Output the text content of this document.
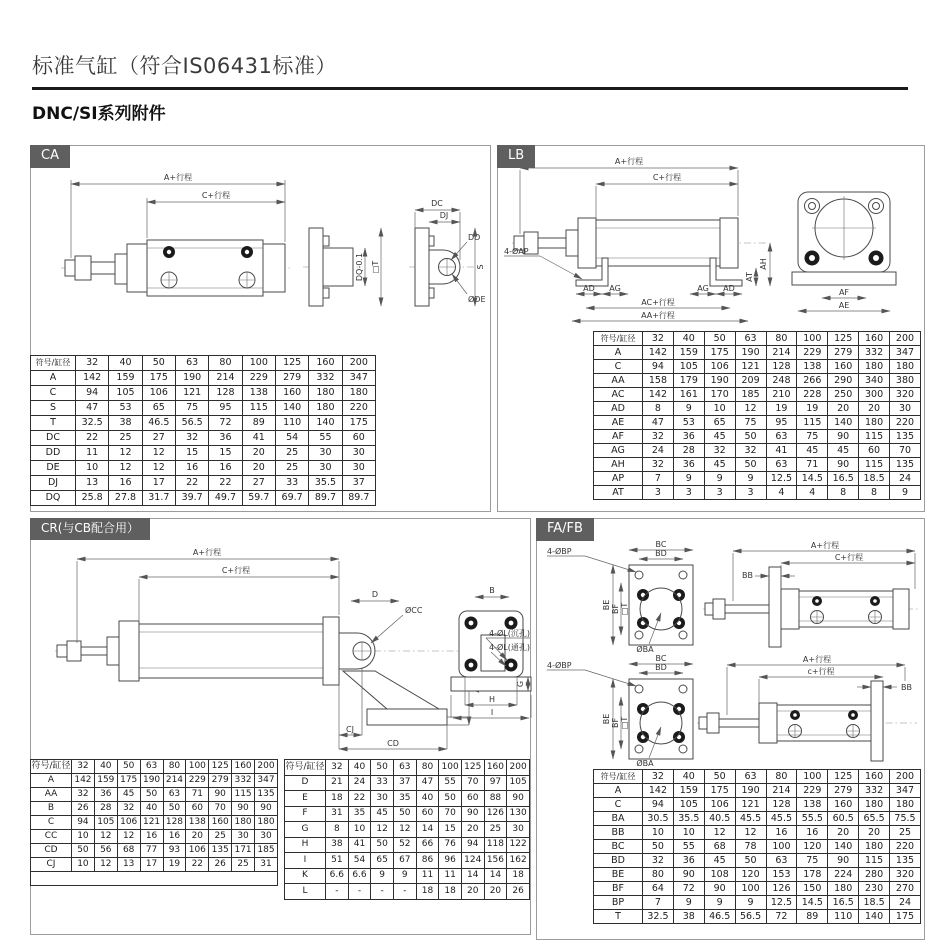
标准气缸（符合IS06431标准）
DNC/SI系列附件
CA
A+行程
C+行程
DQ-0.1 □T
DC
DJ
DD
ØDE
S
符号/缸径	32	40	50	63	80	100	125	160	200
A	142	159	175	190	214	229	279	332	347
C	94	105	106	121	128	138	160	180	180
S	47	53	65	75	95	115	140	180	220
T	32.5	38	46.5	56.5	72	89	110	140	175
DC	22	25	27	32	36	41	54	55	60
DD	11	12	12	15	15	20	25	30	30
DE	10	12	12	16	16	20	25	30	30
DJ	13	16	17	22	22	27	33	35.5	37
DQ	25.8	27.8	31.7	39.7	49.7	59.7	69.7	89.7	89.7
LB
4-ØAP
A+行程
C+行程
AD AG	AG AD
AC+行程
AA+行程
AT
AH
AF
AE
符号/缸径	32	40	50	63	80	100	125	160	200
A	142	159	175	190	214	229	279	332	347
C	94	105	106	121	128	138	160	180	180
AA	158	179	190	209	248	266	290	340	380
AC	142	161	170	185	210	228	250	300	320
AD	8	9	10	12	19	19	20	20	30
AE	47	53	65	75	95	115	140	180	220
AF	32	36	45	50	63	75	90	115	135
AG	24	28	32	32	41	45	45	60	70
AH	32	36	45	50	63	71	90	115	135
AP	7	9	9	9	12.5	14.5	16.5	18.5	24
AT	3	3	3	3	4	4	8	8	9
CR(与CB配合用）
A+行程
C+行程
D
ØCC
CJ
CD
B
4-ØL(沉孔)
4-ØL(通孔)
G
H
I
符号/缸径	32	40	50	63	80	100	125	160	200
A	142	159	175	190	214	229	279	332	347
AA	32	36	45	50	63	71	90	115	135
B	26	28	32	40	50	60	70	90	90
C	94	105	106	121	128	138	160	180	180
CC	10	12	12	16	16	20	25	30	30
CD	50	56	68	77	93	106	135	171	185
CJ	10	12	13	17	19	22	26	25	31

符号/缸径	32	40	50	63	80	100	125	160	200
D	21	24	33	37	47	55	70	97	105
E	18	22	30	35	40	50	60	88	90
F	31	35	45	50	60	70	90	126	130
G	8	10	12	12	14	15	20	25	30
H	38	41	50	52	66	76	94	118	122
I	51	54	65	67	86	96	124	156	162
K	6.6	6.6	9	9	11	11	14	14	18
L	-	-	-	-	18	18	20	20	26
FA/FB
BC
BD
4-ØBP
BE BF □T
ØBA
A+行程
C+行程
BB
BC
BD
4-ØBP
BE BF □T
ØBA
A+行程
c+行程
BB
符号/缸径	32	40	50	63	80	100	125	160	200
A	142	159	175	190	214	229	279	332	347
C	94	105	106	121	128	138	160	180	180
BA	30.5	35.5	40.5	45.5	45.5	55.5	60.5	65.5	75.5
BB	10	10	12	12	16	16	20	20	25
BC	50	55	68	78	100	120	140	180	220
BD	32	36	45	50	63	75	90	115	135
BE	80	90	108	120	153	178	224	280	320
BF	64	72	90	100	126	150	180	230	270
BP	7	9	9	9	12.5	14.5	16.5	18.5	24
T	32.5	38	46.5	56.5	72	89	110	140	175
